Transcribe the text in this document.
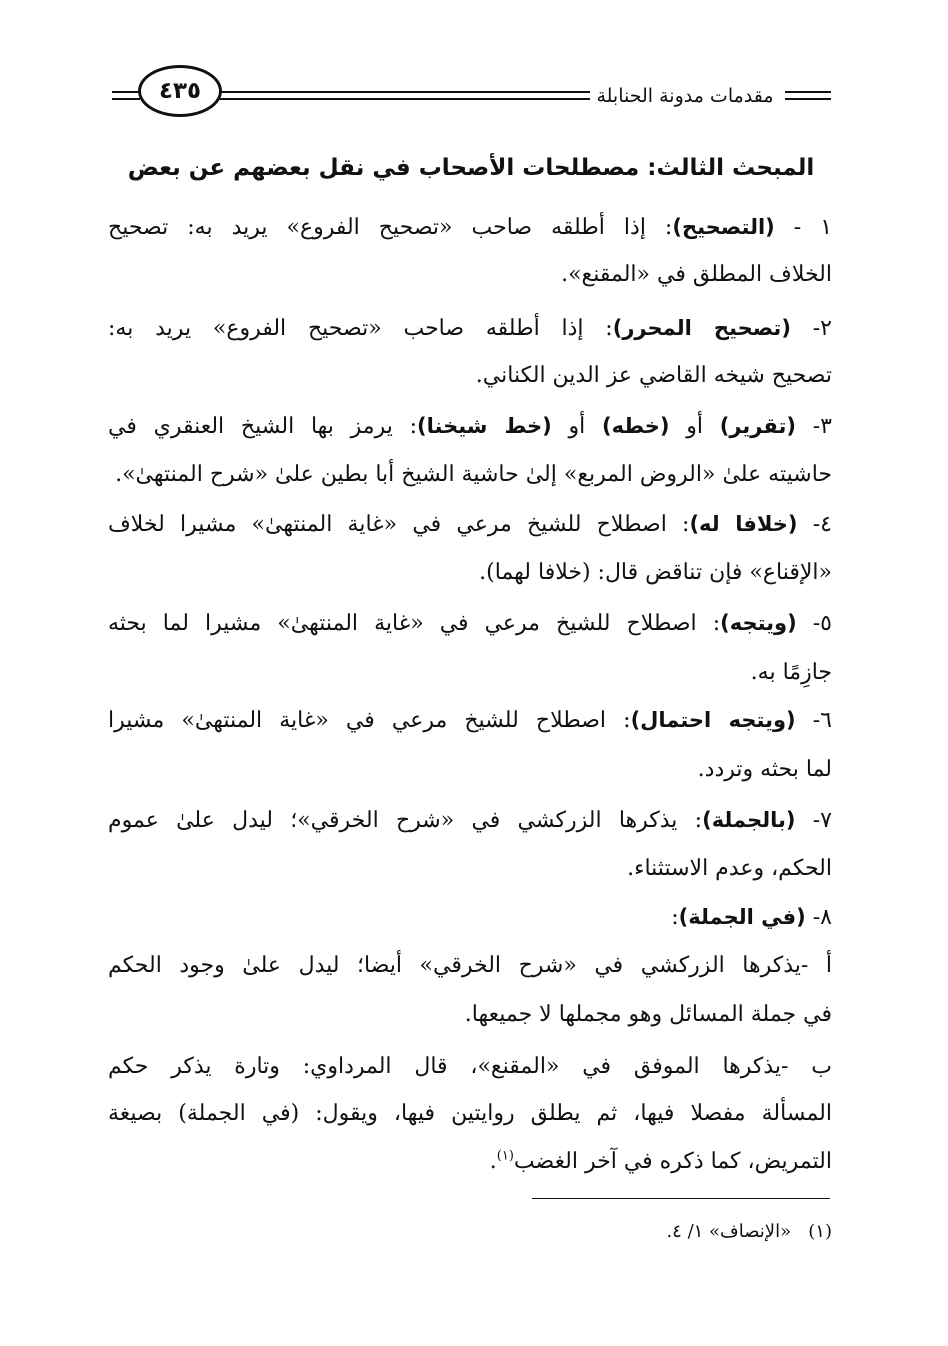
مقدمات مدونة الحنابلة
٤٣٥
المبحث الثالث: مصطلحات الأصحاب في نقل بعضهم عن بعض
١ - (التصحيح): إذا أطلقه صاحب «تصحيح الفروع» يريد به: تصحيح
الخلاف المطلق في «المقنع».
٢- (تصحيح المحرر): إذا أطلقه صاحب «تصحيح الفروع» يريد به:
تصحيح شيخه القاضي عز الدين الكناني.
٣- (تقرير) أو (خطه) أو (خط شيخنا): يرمز بها الشيخ العنقري في
حاشيته علىٰ «الروض المربع» إلىٰ حاشية الشيخ أبا بطين علىٰ «شرح المنتهىٰ».
٤- (خلافا له): اصطلاح للشيخ مرعي في «غاية المنتهىٰ» مشيرا لخلاف
«الإقناع» فإن تناقض قال: (خلافا لهما).
٥- (ويتجه): اصطلاح للشيخ مرعي في «غاية المنتهىٰ» مشيرا لما بحثه
جازِمًا به.
٦- (ويتجه احتمال): اصطلاح للشيخ مرعي في «غاية المنتهىٰ» مشيرا
لما بحثه وتردد.
٧- (بالجملة): يذكرها الزركشي في «شرح الخرقي»؛ ليدل علىٰ عموم
الحكم، وعدم الاستثناء.
٨- (في الجملة):
أ -يذكرها الزركشي في «شرح الخرقي» أيضا؛ ليدل علىٰ وجود الحكم
في جملة المسائل وهو مجملها لا جميعها.
ب -يذكرها الموفق في «المقنع»، قال المرداوي: وتارة يذكر حكم
المسألة مفصلا فيها، ثم يطلق روايتين فيها، ويقول: (في الجملة) بصيغة
التمريض، كما ذكره في آخر الغضب$^{(١)}$.
(١)   «الإنصاف» ١/ ٤.
